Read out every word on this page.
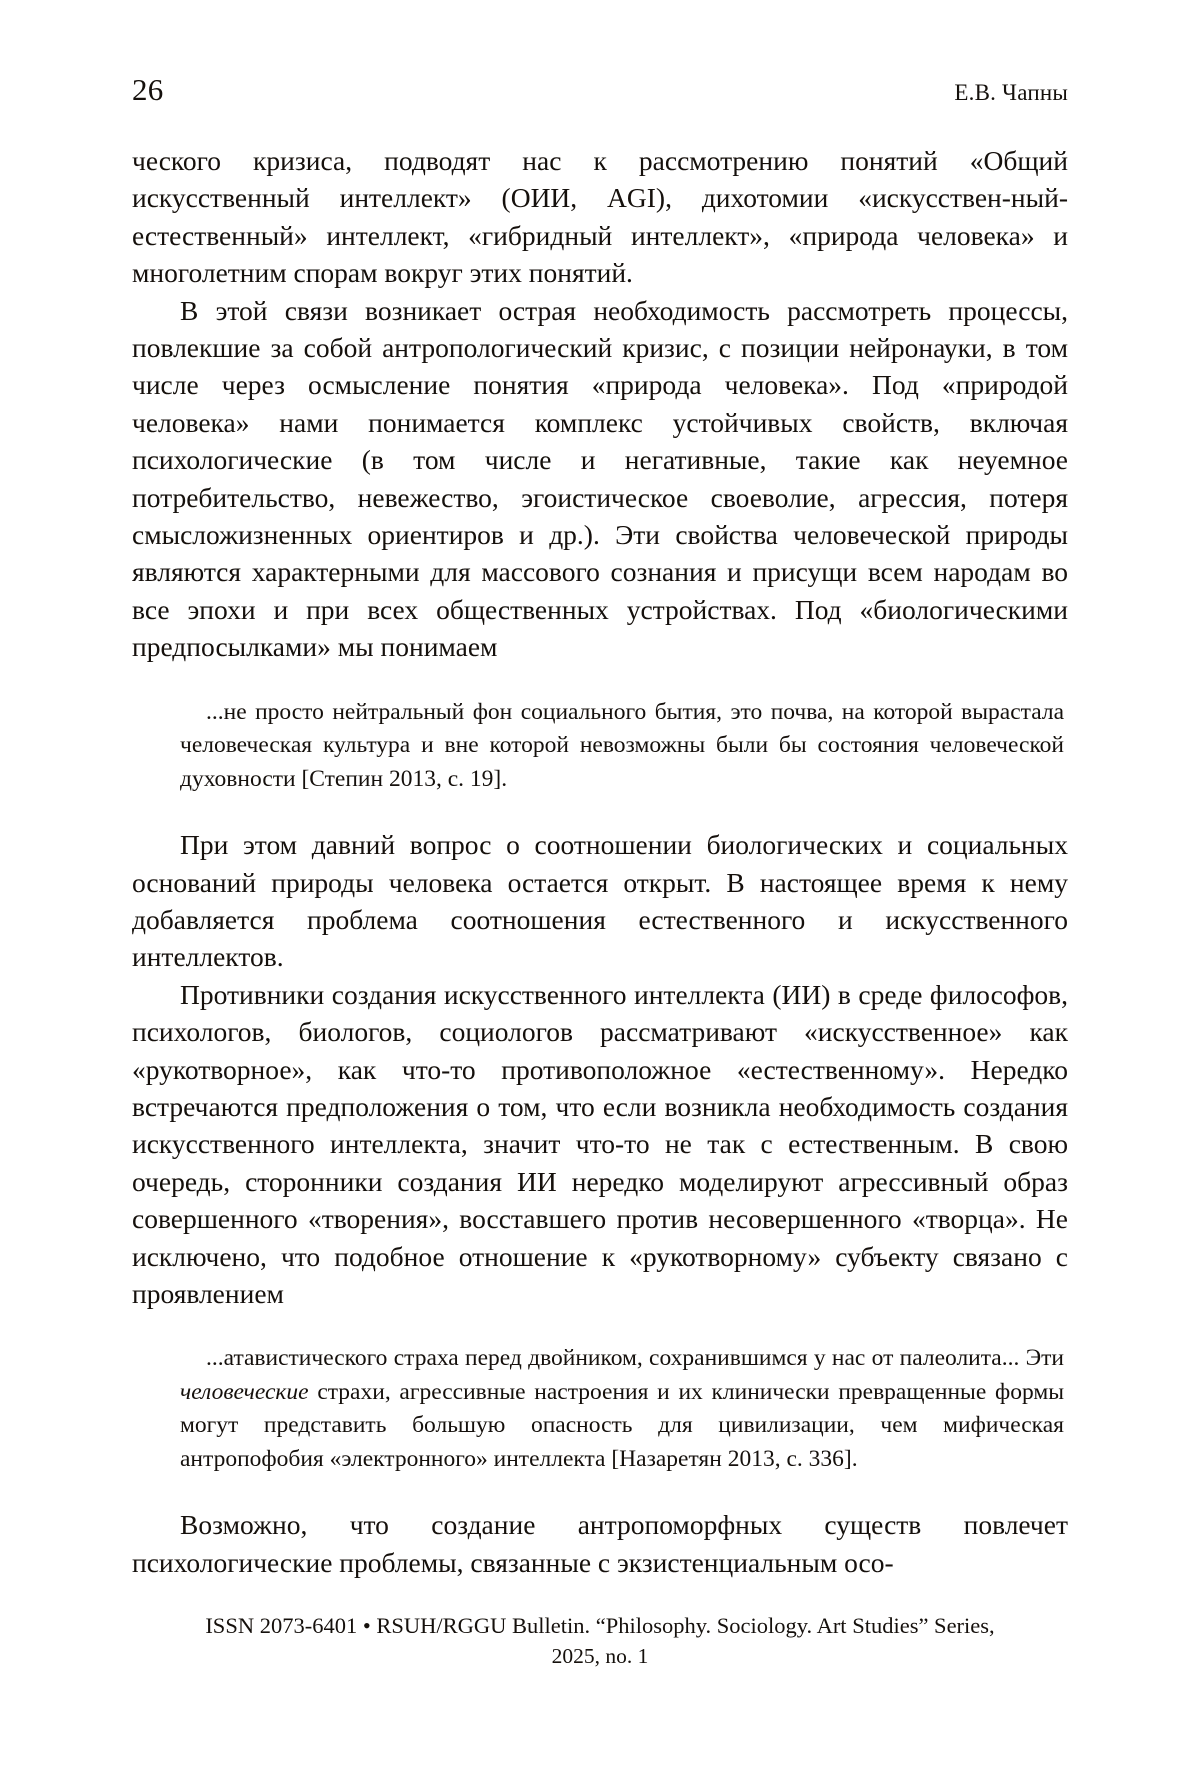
26	Е.В. Чапны

ческого кризиса, подводят нас к рассмотрению понятий «Общий искусственный интеллект» (ОИИ, AGI), дихотомии «искусствен-ный-естественный» интеллект, «гибридный интеллект», «природа человека» и многолетним спорам вокруг этих понятий.

В этой связи возникает острая необходимость рассмотреть процессы, повлекшие за собой антропологический кризис, с позиции нейронауки, в том числе через осмысление понятия «природа человека». Под «природой человека» нами понимается комплекс устойчивых свойств, включая психологические (в том числе и негативные, такие как неуемное потребительство, невежество, эгоистическое своеволие, агрессия, потеря смысложизненных ориентиров и др.). Эти свойства человеческой природы являются характерными для массового сознания и присущи всем народам во все эпохи и при всех общественных устройствах. Под «биологическими предпосылками» мы понимаем

...не просто нейтральный фон социального бытия, это почва, на которой вырастала человеческая культура и вне которой невозможны были бы состояния человеческой духовности [Степин 2013, с. 19].

При этом давний вопрос о соотношении биологических и социальных оснований природы человека остается открыт. В настоящее время к нему добавляется проблема соотношения естественного и искусственного интеллектов.

Противники создания искусственного интеллекта (ИИ) в среде философов, психологов, биологов, социологов рассматривают «искусственное» как «рукотворное», как что-то противоположное «естественному». Нередко встречаются предположения о том, что если возникла необходимость создания искусственного интеллекта, значит что-то не так с естественным. В свою очередь, сторонники создания ИИ нередко моделируют агрессивный образ совершенного «творения», восставшего против несовершенного «творца». Не исключено, что подобное отношение к «рукотворному» субъекту связано с проявлением

...атавистического страха перед двойником, сохранившимся у нас от палеолита... Эти человеческие страхи, агрессивные настроения и их клинически превращенные формы могут представить большую опасность для цивилизации, чем мифическая антропофобия «электронного» интеллекта [Назаретян 2013, с. 336].

Возможно, что создание антропоморфных существ повлечет психологические проблемы, связанные с экзистенциальным осо-

ISSN 2073-6401 • RSUH/RGGU Bulletin. “Philosophy. Sociology. Art Studies” Series,
2025, no. 1
